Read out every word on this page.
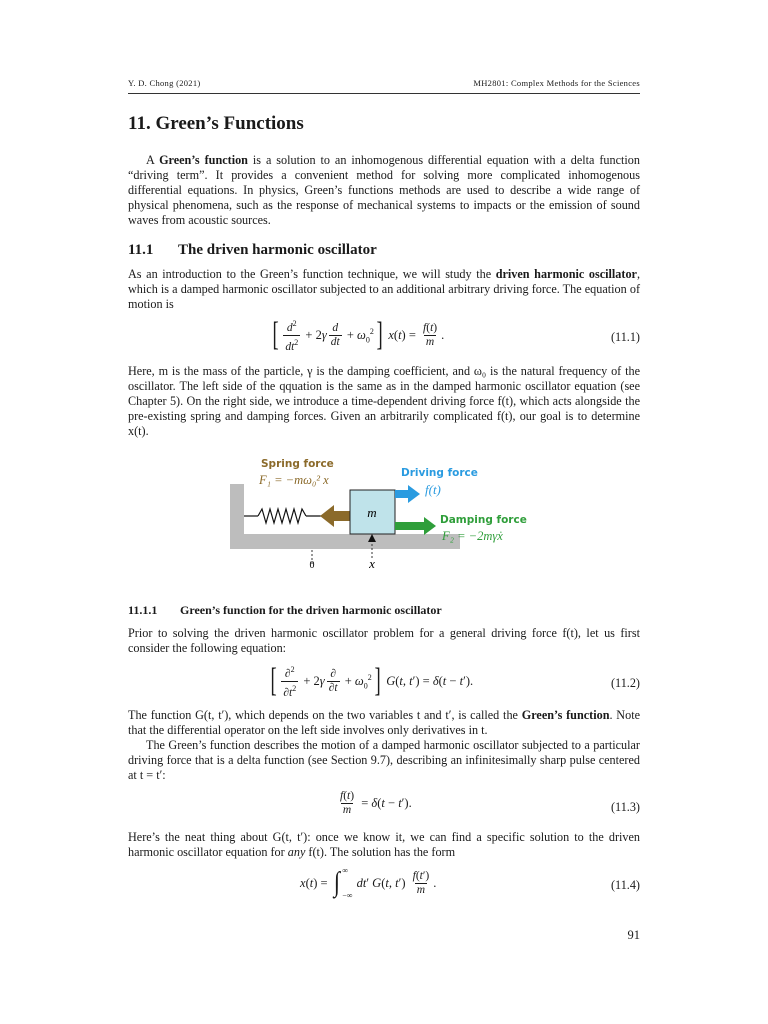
Y. D. Chong (2021)	MH2801: Complex Methods for the Sciences
11. Green’s Functions

A Green’s function is a solution to an inhomogenous differential equation with a delta function “driving term”. It provides a convenient method for solving more complicated inhomogenous differential equations. In physics, Green’s functions methods are used to describe a wide range of physical phenomena, such as the response of mechanical systems to impacts or the emission of sound waves from acoustic sources.

11.1 The driven harmonic oscillator

As an introduction to the Green’s function technique, we will study the driven harmonic oscillator, which is a damped harmonic oscillator subjected to an additional arbitrary driving force. The equation of motion is

[ $\frac{d^2}{dt^2} + 2\gamma \frac{d}{dt} + \omega_0^2$ ] $x(t) = \frac{f(t)}{m}$ .	(11.1)

Here, m is the mass of the particle, γ is the damping coefficient, and ω₀ is the natural frequency of the oscillator. The left side of the qquation is the same as in the damped harmonic oscillator equation (see Chapter 5). On the right side, we introduce a time-dependent driving force f(t), which acts alongside the pre-existing spring and damping forces. Given an arbitrarily complicated f(t), our goal is to determine x(t).

m
Spring force
F₁ = −mω₀² x	Driving force
f(t)
Damping force
F₂ = −2mγẋ
0	x
11.1.1 Green’s function for the driven harmonic oscillator

Prior to solving the driven harmonic oscillator problem for a general driving force f(t), let us first consider the following equation:

[ $\frac{\partial^2}{\partial t^2} + 2\gamma \frac{\partial}{\partial t} + \omega_0^2$ ] G(t, t′) = δ(t − t′).	(11.2)

The function G(t, t′), which depends on the two variables t and t′, is called the Green’s function. Note that the differential operator on the left side involves only derivatives in t.

The Green’s function describes the motion of a damped harmonic oscillator subjected to a particular driving force that is a delta function (see Section 9.7), describing an infinitesimally sharp pulse centered at t = t′:

$\frac{f(t)}{m} = \delta(t - t')$.	(11.3)

Here’s the neat thing about G(t, t′): once we know it, we can find a specific solution to the driven harmonic oscillator equation for any f(t). The solution has the form

x(t) = ∫ ∞
−∞
dt′ G(t, $t') \frac{f(t')}{m}$ .	(11.4)
91
